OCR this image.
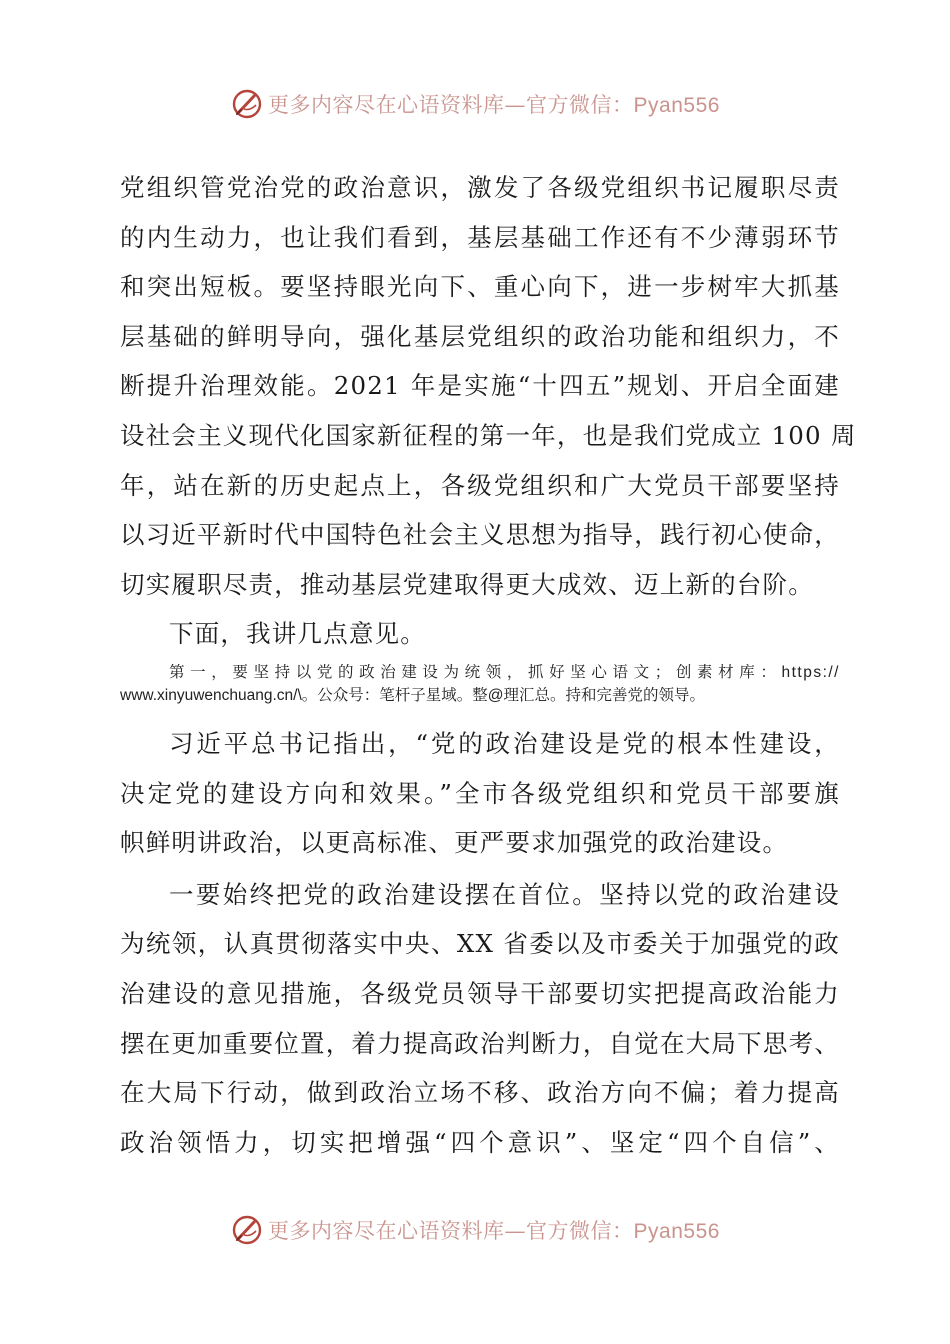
更多内容尽在心语资料库—官方微信：Pyan556
党组织管党治党的政治意识，激发了各级党组织书记履职尽责
的内生动力，也让我们看到，基层基础工作还有不少薄弱环节
和突出短板。要坚持眼光向下、重心向下，进一步树牢大抓基
层基础的鲜明导向，强化基层党组织的政治功能和组织力，不
断提升治理效能。2021 年是实施“十四五”规划、开启全面建
设社会主义现代化国家新征程的第一年，也是我们党成立 100 周
年，站在新的历史起点上，各级党组织和广大党员干部要坚持
以习近平新时代中国特色社会主义思想为指导，践行初心使命，
切实履职尽责，推动基层党建取得更大成效、迈上新的台阶。
下面，我讲几点意见。
第一，要坚持以党的政治建设为统领，抓好坚心语文；创素材库：https://
www.xinyuwenchuang.cn/\。公众号：笔杆子星域。整@理汇总。持和完善党的领导。
习近平总书记指出，“党的政治建设是党的根本性建设，
决定党的建设方向和效果。”全市各级党组织和党员干部要旗
帜鲜明讲政治，以更高标准、更严要求加强党的政治建设。
一要始终把党的政治建设摆在首位。坚持以党的政治建设
为统领，认真贯彻落实中央、XX 省委以及市委关于加强党的政
治建设的意见措施，各级党员领导干部要切实把提高政治能力
摆在更加重要位置，着力提高政治判断力，自觉在大局下思考、
在大局下行动，做到政治立场不移、政治方向不偏；着力提高
政治领悟力，切实把增强“四个意识”、坚定“四个自信”、
更多内容尽在心语资料库—官方微信：Pyan556
